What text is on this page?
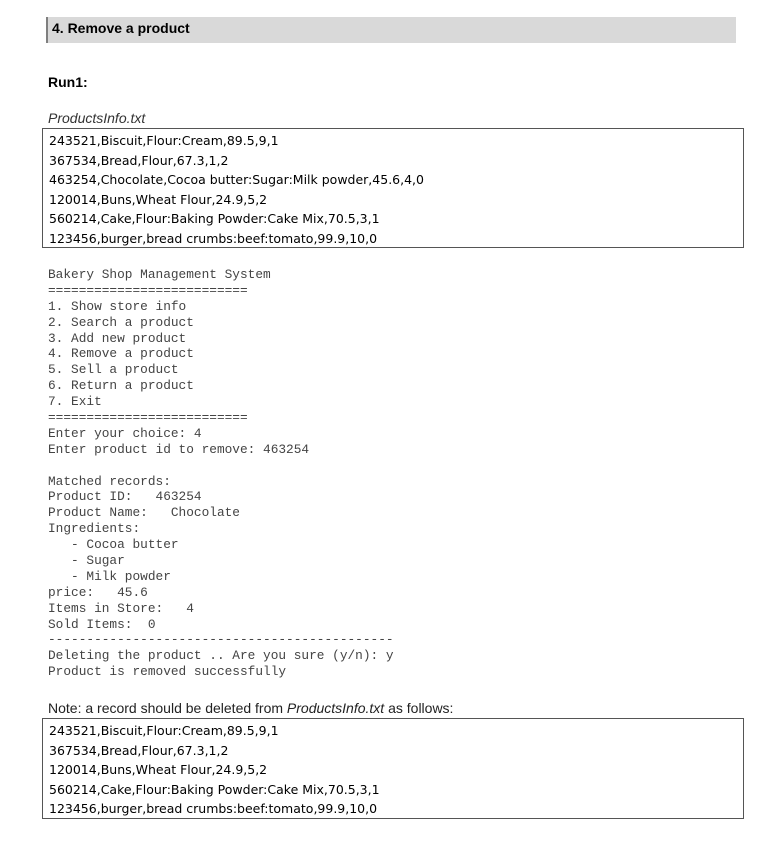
4. Remove a product
Run1:
ProductsInfo.txt
243521,Biscuit,Flour:Cream,89.5,9,1
367534,Bread,Flour,67.3,1,2
463254,Chocolate,Cocoa butter:Sugar:Milk powder,45.6,4,0
120014,Buns,Wheat Flour,24.9,5,2
560214,Cake,Flour:Baking Powder:Cake Mix,70.5,3,1
123456,burger,bread crumbs:beef:tomato,99.9,10,0
Bakery Shop Management System
==========================
1. Show store info
2. Search a product
3. Add new product
4. Remove a product
5. Sell a product
6. Return a product
7. Exit
==========================
Enter your choice: 4
Enter product id to remove: 463254
Matched records:
Product ID:   463254
Product Name:   Chocolate
Ingredients:
- Cocoa butter
- Sugar
- Milk powder
price:   45.6
Items in Store:   4
Sold Items:  0
---------------------------------------------
Deleting the product .. Are you sure (y/n): y
Product is removed successfully
Note: a record should be deleted from ProductsInfo.txt as follows:
243521,Biscuit,Flour:Cream,89.5,9,1
367534,Bread,Flour,67.3,1,2
120014,Buns,Wheat Flour,24.9,5,2
560214,Cake,Flour:Baking Powder:Cake Mix,70.5,3,1
123456,burger,bread crumbs:beef:tomato,99.9,10,0
